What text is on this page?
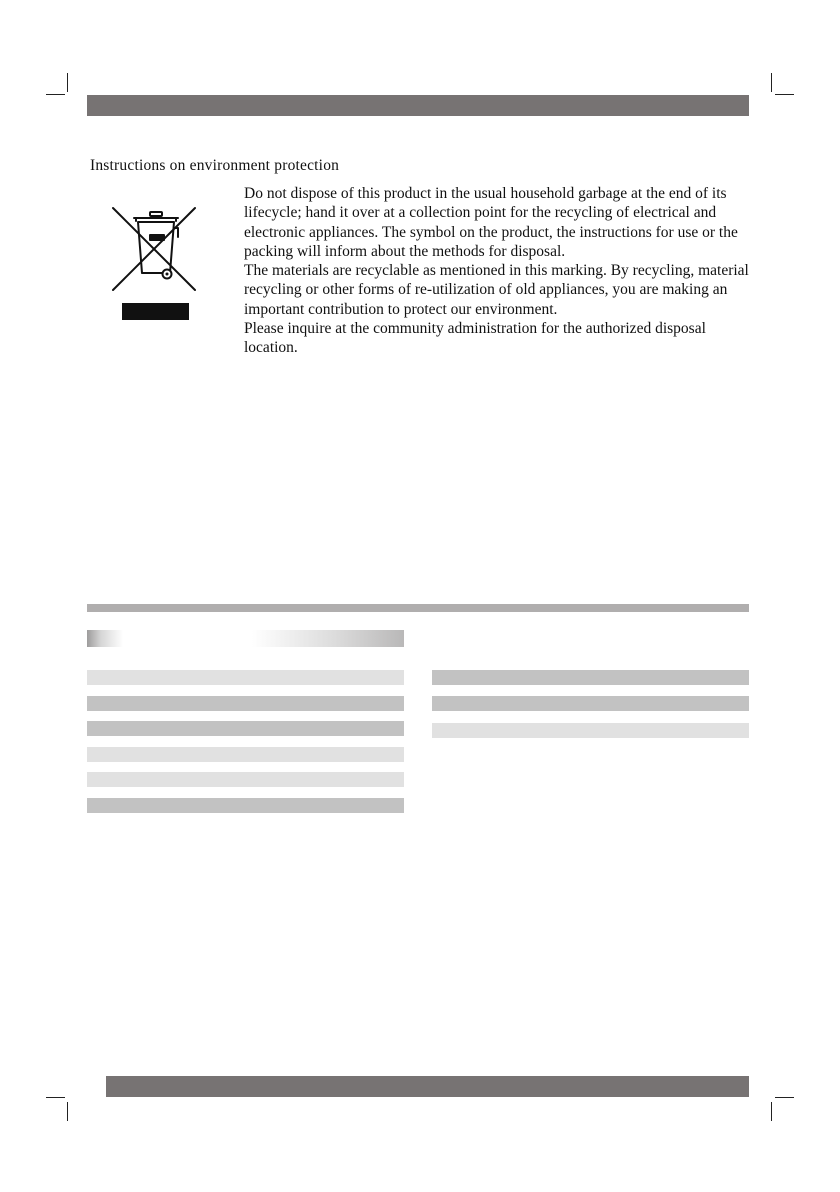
Instructions on environment protection

Do not dispose of this product in the usual household garbage at the end of its lifecycle; hand it over at a collection point for the recycling of electrical and electronic appliances. The symbol on the product, the instructions for use or the packing will inform about the methods for disposal.

The materials are recyclable as mentioned in this marking. By recycling, material recycling or other forms of re-utilization of old appliances, you are making an important contribution to protect our environment.

Please inquire at the community administration for the authorized disposal location.
